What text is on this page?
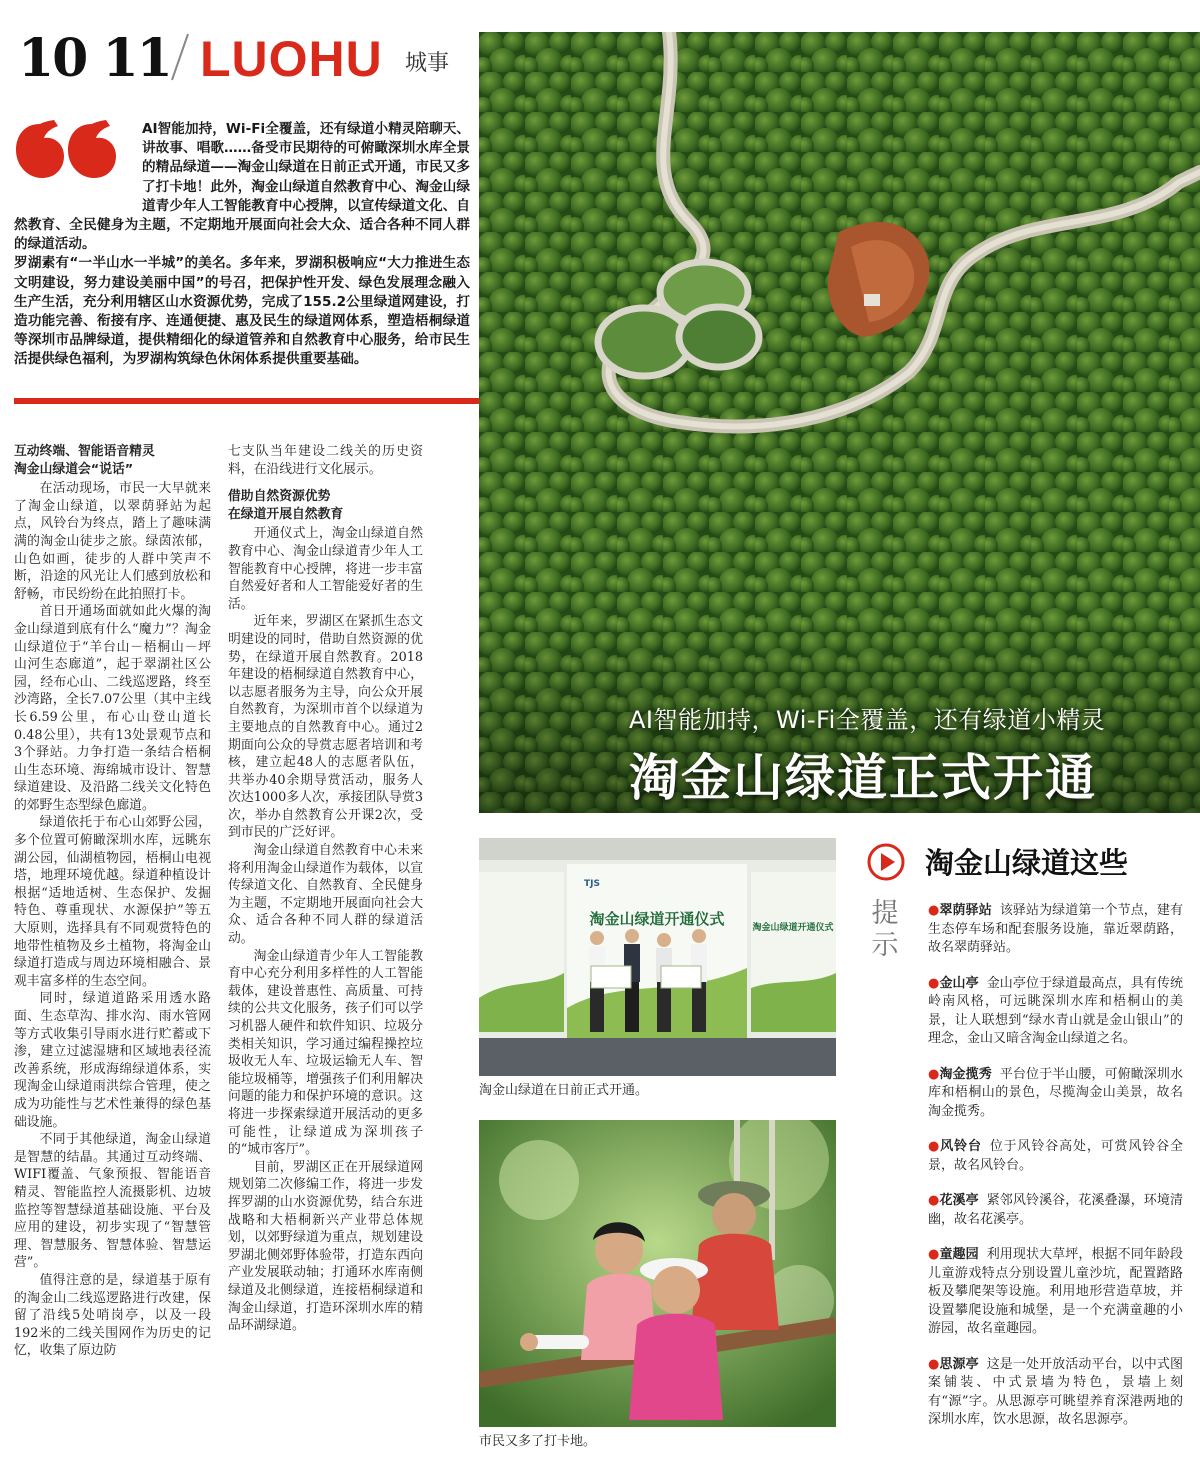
10 11 LUOHU 城事

AI智能加持，Wi-Fi全覆盖，还有绿道小精灵陪聊天、讲故事、唱歌……备受市民期待的可俯瞰深圳水库全景的精品绿道——淘金山绿道在日前正式开通，市民又多了打卡地！此外，淘金山绿道自然教育中心、淘金山绿道青少年人工智能教育中心授牌，以宣传绿道文化、自然教育、全民健身为主题，不定期地开展面向社会大众、适合各种不同人群的绿道活动。

罗湖素有“一半山水一半城”的美名。多年来，罗湖积极响应“大力推进生态文明建设，努力建设美丽中国”的号召，把保护性开发、绿色发展理念融入生产生活，充分利用辖区山水资源优势，完成了155.2公里绿道网建设，打造功能完善、衔接有序、连通便捷、惠及民生的绿道网体系，塑造梧桐绿道等深圳市品牌绿道，提供精细化的绿道管养和自然教育中心服务，给市民生活提供绿色福利，为罗湖构筑绿色休闲体系提供重要基础。

互动终端、智能语音精灵
淘金山绿道会“说话”

在活动现场，市民一大早就来了淘金山绿道，以翠荫驿站为起点，风铃台为终点，踏上了趣味满满的淘金山徒步之旅。绿茵浓郁，山色如画，徒步的人群中笑声不断，沿途的风光让人们感到放松和舒畅，市民纷纷在此拍照打卡。

首日开通场面就如此火爆的淘金山绿道到底有什么“魔力”？淘金山绿道位于“羊台山－梧桐山－坪山河生态廊道”，起于翠湖社区公园，经布心山、二线巡逻路，终至沙湾路，全长7.07公里（其中主线长6.59公里，布心山登山道长0.48公里），共有13处景观节点和3个驿站。力争打造一条结合梧桐山生态环境、海绵城市设计、智慧绿道建设、及沿路二线关文化特色的郊野生态型绿色廊道。

绿道依托于布心山郊野公园，多个位置可俯瞰深圳水库，远眺东湖公园，仙湖植物园，梧桐山电视塔，地理环境优越。绿道种植设计根据“适地适树、生态保护、发掘特色、尊重现状、水源保护”等五大原则，选择具有不同观赏特色的地带性植物及乡土植物，将淘金山绿道打造成与周边环境相融合、景观丰富多样的生态空间。

同时，绿道道路采用透水路面、生态草沟、排水沟、雨水管网等方式收集引导雨水进行贮蓄或下渗，建立过滤湿塘和区域地表径流改善系统，形成海绵绿道体系，实现淘金山绿道雨洪综合管理，使之成为功能性与艺术性兼得的绿色基础设施。

不同于其他绿道，淘金山绿道是智慧的结晶。其通过互动终端、WIFI覆盖、气象预报、智能语音精灵、智能监控人流摄影机、边坡监控等智慧绿道基础设施、平台及应用的建设，初步实现了“智慧管理、智慧服务、智慧体验、智慧运营”。

值得注意的是，绿道基于原有的淘金山二线巡逻路进行改建，保留了沿线5处哨岗亭，以及一段192米的二线关围网作为历史的记忆，收集了原边防

七支队当年建设二线关的历史资料，在沿线进行文化展示。

借助自然资源优势
在绿道开展自然教育

开通仪式上，淘金山绿道自然教育中心、淘金山绿道青少年人工智能教育中心授牌，将进一步丰富自然爱好者和人工智能爱好者的生活。

近年来，罗湖区在紧抓生态文明建设的同时，借助自然资源的优势，在绿道开展自然教育。2018年建设的梧桐绿道自然教育中心，以志愿者服务为主导，向公众开展自然教育，为深圳市首个以绿道为主要地点的自然教育中心。通过2期面向公众的导赏志愿者培训和考核，建立起48人的志愿者队伍，共举办40余期导赏活动，服务人次达1000多人次，承接团队导赏3次，举办自然教育公开课2次，受到市民的广泛好评。

淘金山绿道自然教育中心未来将利用淘金山绿道作为载体，以宣传绿道文化、自然教育、全民健身为主题，不定期地开展面向社会大众、适合各种不同人群的绿道活动。

淘金山绿道青少年人工智能教育中心充分利用多样性的人工智能载体，建设普惠性、高质量、可持续的公共文化服务，孩子们可以学习机器人硬件和软件知识、垃圾分类相关知识，学习通过编程操控垃圾收无人车、垃圾运输无人车、智能垃圾桶等，增强孩子们利用解决问题的能力和保护环境的意识。这将进一步探索绿道开展活动的更多可能性，让绿道成为深圳孩子的“城市客厅”。

目前，罗湖区正在开展绿道网规划第二次修编工作，将进一步发挥罗湖的山水资源优势，结合东进战略和大梧桐新兴产业带总体规划，以郊野绿道为重点，规划建设罗湖北侧郊野体验带，打造东西向产业发展联动轴；打通环水库南侧绿道及北侧绿道，连接梧桐绿道和淘金山绿道，打造环深圳水库的精品环湖绿道。

AI智能加持，Wi-Fi全覆盖，还有绿道小精灵
淘金山绿道正式开通
淘金山绿道开通仪式
TJS
淘金山绿道开通仪式
淘金山绿道在日前正式开通。
市民又多了打卡地。
淘金山绿道这些
提示
●翠荫驿站 该驿站为绿道第一个节点，建有生态停车场和配套服务设施，靠近翠荫路，故名翠荫驿站。
●金山亭 金山亭位于绿道最高点，具有传统岭南风格，可远眺深圳水库和梧桐山的美景，让人联想到“绿水青山就是金山银山”的理念，金山又暗含淘金山绿道之名。
●淘金揽秀 平台位于半山腰，可俯瞰深圳水库和梧桐山的景色，尽揽淘金山美景，故名淘金揽秀。
●风铃台 位于风铃谷高处，可赏风铃谷全景，故名风铃台。
●花溪亭 紧邻风铃溪谷，花溪叠瀑，环境清幽，故名花溪亭。
●童趣园 利用现状大草坪，根据不同年龄段儿童游戏特点分别设置儿童沙坑，配置踏路板及攀爬架等设施。利用地形营造草坡，并设置攀爬设施和城堡，是一个充满童趣的小游园，故名童趣园。
●思源亭 这是一处开放活动平台，以中式图案铺装、中式景墙为特色，景墙上刻有“源”字。从思源亭可眺望养育深港两地的深圳水库，饮水思源，故名思源亭。
